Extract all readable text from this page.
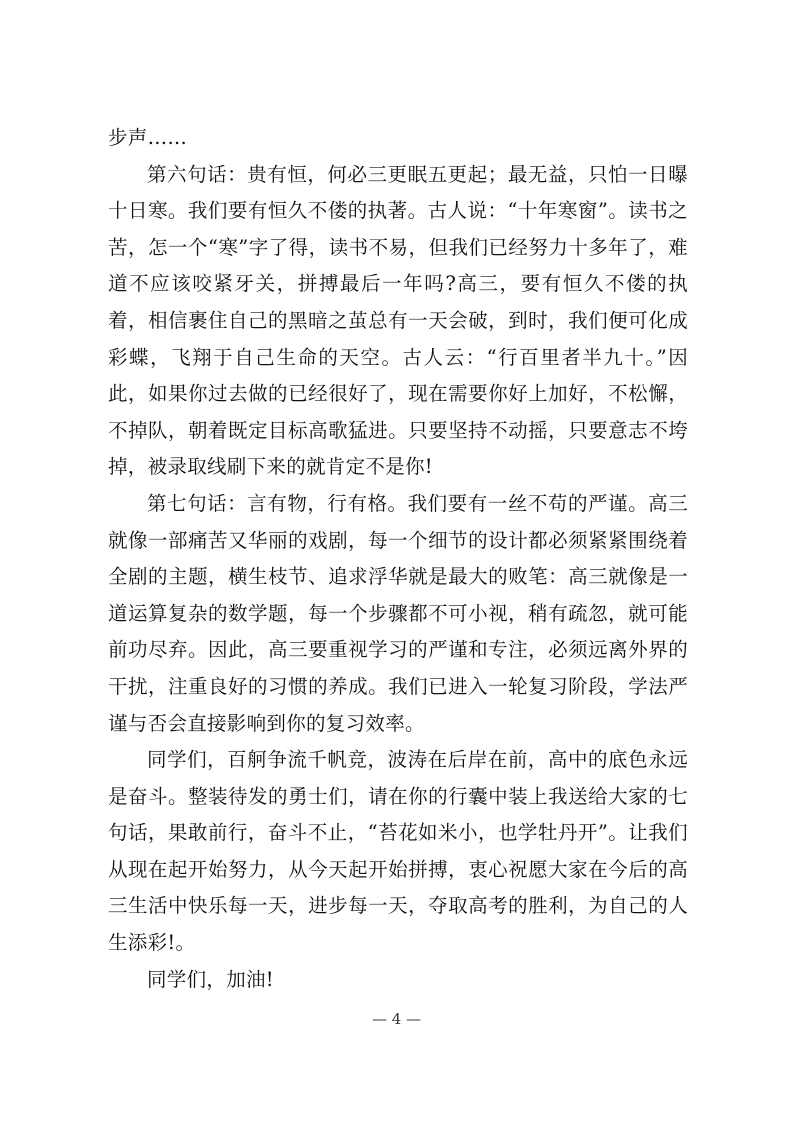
步声……

第六句话：贵有恒，何必三更眠五更起；最无益，只怕一日曝十日寒。我们要有恒久不偻的执著。古人说：“十年寒窗”。读书之苦，怎一个“寒”字了得，读书不易，但我们已经努力十多年了，难道不应该咬紧牙关，拼搏最后一年吗?高三，要有恒久不偻的执着，相信裹住自己的黑暗之茧总有一天会破，到时，我们便可化成彩蝶，飞翔于自己生命的天空。古人云：“行百里者半九十。”因此，如果你过去做的已经很好了，现在需要你好上加好，不松懈，不掉队，朝着既定目标高歌猛进。只要坚持不动摇，只要意志不垮掉，被录取线刷下来的就肯定不是你!

第七句话：言有物，行有格。我们要有一丝不苟的严谨。高三就像一部痛苦又华丽的戏剧，每一个细节的设计都必须紧紧围绕着全剧的主题，横生枝节、追求浮华就是最大的败笔：高三就像是一道运算复杂的数学题，每一个步骤都不可小视，稍有疏忽，就可能前功尽弃。因此，高三要重视学习的严谨和专注，必须远离外界的干扰，注重良好的习惯的养成。我们已进入一轮复习阶段，学法严谨与否会直接影响到你的复习效率。

同学们，百舸争流千帆竞，波涛在后岸在前，高中的底色永远是奋斗。整装待发的勇士们，请在你的行囊中装上我送给大家的七句话，果敢前行，奋斗不止，“苔花如米小，也学牡丹开”。让我们从现在起开始努力，从今天起开始拼搏，衷心祝愿大家在今后的高三生活中快乐每一天，进步每一天，夺取高考的胜利，为自己的人生添彩!。

同学们，加油!

— 4 —
